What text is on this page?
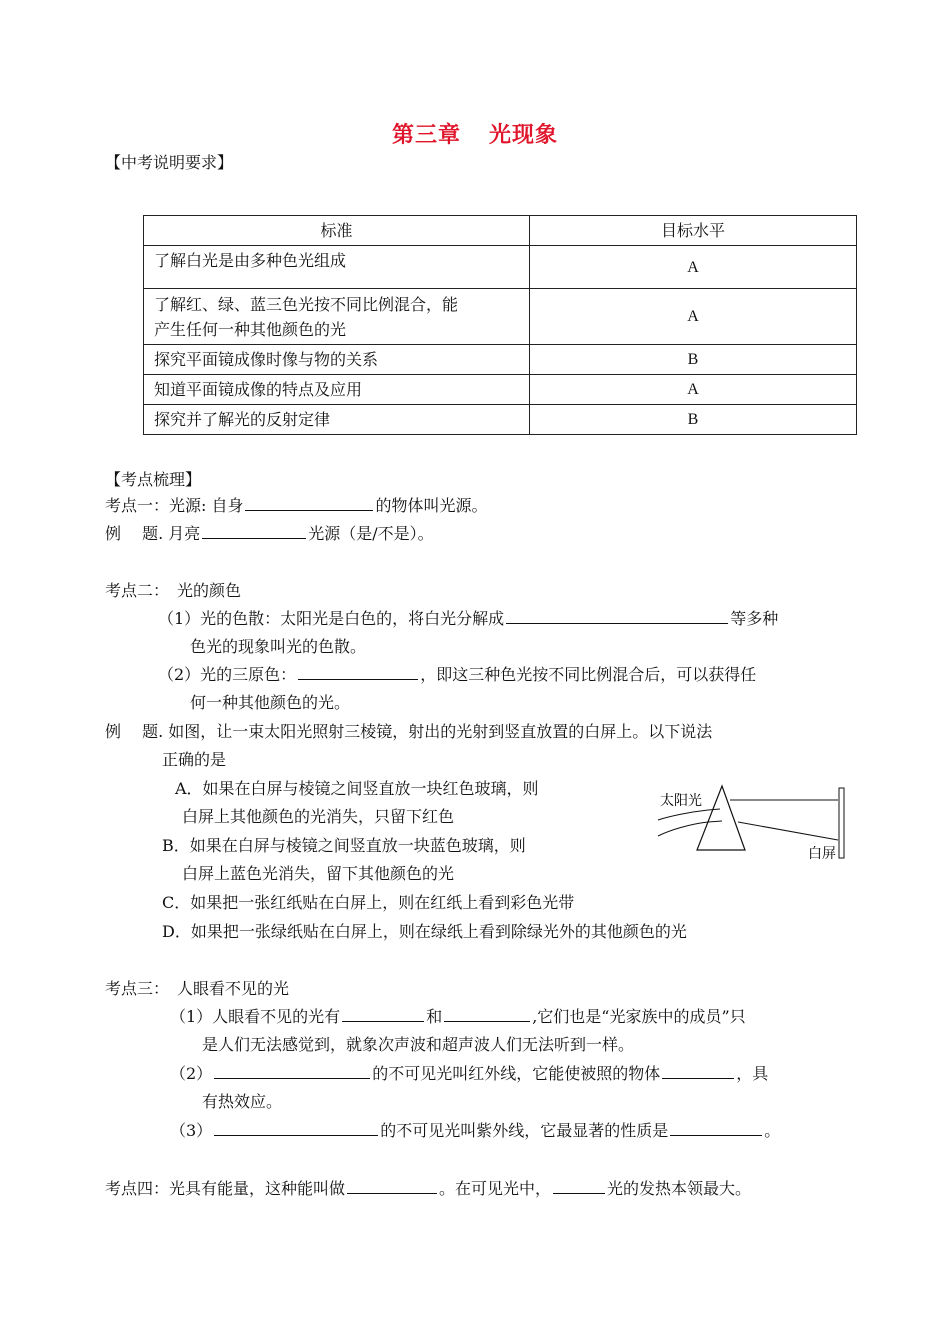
第三章 光现象
【中考说明要求】
标准	目标水平
了解白光是由多种色光组成	A

了解红、绿、蓝三色光按不同比例混合，能
产生任何一种其他颜色的光	A
探究平面镜成像时像与物的关系	B
知道平面镜成像的特点及应用	A
探究并了解光的反射定律	B
【考点梳理】
考点一：光源: 自身	的物体叫光源。
例　 题. 月亮	光源（是/不是）。
考点二：　光的颜色
（1）光的色散：太阳光是白色的，将白光分解成	等多种
色光的现象叫光的色散。
（2）光的三原色：	，即这三种色光按不同比例混合后，可以获得任
何一种其他颜色的光。
例　 题. 如图，让一束太阳光照射三棱镜，射出的光射到竖直放置的白屏上。以下说法
正确的是
A．如果在白屏与棱镜之间竖直放一块红色玻璃，则
白屏上其他颜色的光消失，只留下红色
B．如果在白屏与棱镜之间竖直放一块蓝色玻璃，则
白屏上蓝色光消失，留下其他颜色的光
C．如果把一张红纸贴在白屏上，则在红纸上看到彩色光带
D．如果把一张绿纸贴在白屏上，则在绿纸上看到除绿光外的其他颜色的光
太阳光
白屏
考点三：　人眼看不见的光
（1）人眼看不见的光有	和	,它们也是“光家族中的成员”只
是人们无法感觉到，就象次声波和超声波人们无法听到一样。
（2）	的不可见光叫红外线，它能使被照的物体	，具
有热效应。
（3）	的不可见光叫紫外线，它最显著的性质是	。
考点四：光具有能量，这种能叫做	。在可见光中，	光的发热本领最大。
